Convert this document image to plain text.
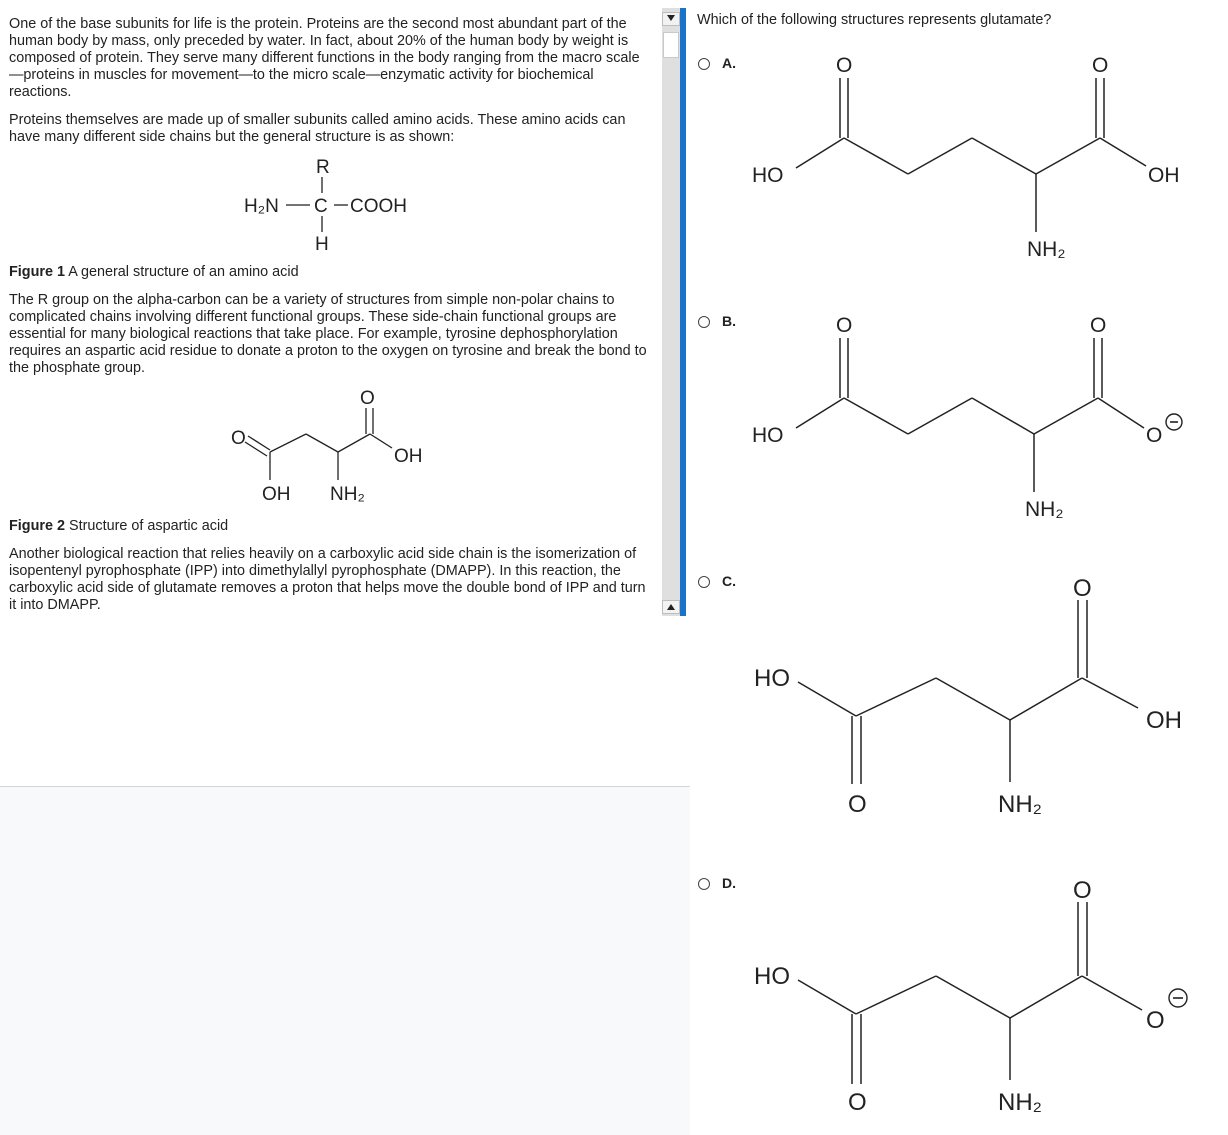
One of the base subunits for life is the protein. Proteins are the second most abundant part of the human body by mass, only preceded by water. In fact, about 20% of the human body by weight is composed of protein. They serve many different functions in the body ranging from the macro scale—proteins in muscles for movement—to the micro scale—enzymatic activity for biochemical reactions.

Proteins themselves are made up of smaller subunits called amino acids. These amino acids can have many different side chains but the general structure is as shown:

R
H₂N C COOH
H
Figure 1 A general structure of an amino acid

The R group on the alpha-carbon can be a variety of structures from simple non-polar chains to complicated chains involving different functional groups. These side-chain functional groups are essential for many biological reactions that take place. For example, tyrosine dephosphorylation requires an aspartic acid residue to donate a proton to the oxygen on tyrosine and break the bond to the phosphate group.

O
O
OH
OH NH₂
Figure 2 Structure of aspartic acid

Another biological reaction that relies heavily on a carboxylic acid side chain is the isomerization of isopentenyl pyrophosphate (IPP) into dimethylallyl pyrophosphate (DMAPP). In this reaction, the carboxylic acid side of glutamate removes a proton that helps move the double bond of IPP and turn it into DMAPP.

Which of the following structures represents glutamate?
A.
HO
O
NH₂
O
OH
B.
HO
O
NH₂
O
O
C.
HO
O	NH₂
O
OH
D.
HO
O	NH₂
O
O
